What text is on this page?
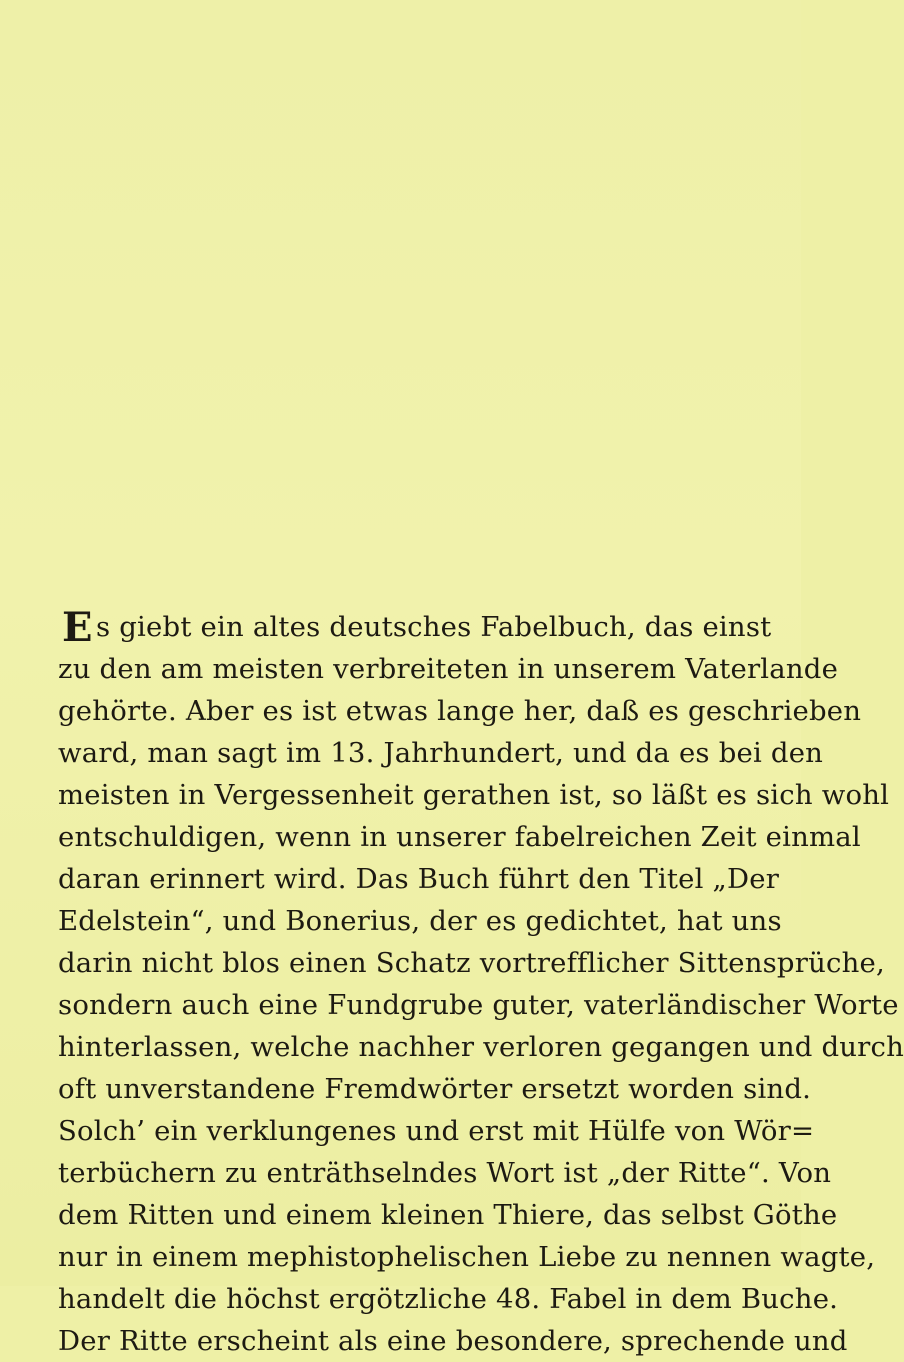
E s giebt ein altes deutsches Fabelbuch, das einst
zu den am meisten verbreiteten in unserem Vaterlande
gehörte. Aber es ist etwas lange her, daß es geschrieben
ward, man sagt im 13. Jahrhundert, und da es bei den
meisten in Vergessenheit gerathen ist, so läßt es sich wohl
entschuldigen, wenn in unserer fabelreichen Zeit einmal
daran erinnert wird. Das Buch führt den Titel „Der
Edelstein“, und Bonerius, der es gedichtet, hat uns
darin nicht blos einen Schatz vortrefflicher Sittensprüche,
sondern auch eine Fundgrube guter, vaterländischer Worte
hinterlassen, welche nachher verloren gegangen und durch
oft unverstandene Fremdwörter ersetzt worden sind.
Solch’ ein verklungenes und erst mit Hülfe von Wör=
terbüchern zu enträthselndes Wort ist „der Ritte“. Von
dem Ritten und einem kleinen Thiere, das selbst Göthe
nur in einem mephistophelischen Liebe zu nennen wagte,
handelt die höchst ergötzliche 48. Fabel in dem Buche.
Der Ritte erscheint als eine besondere, sprechende und
